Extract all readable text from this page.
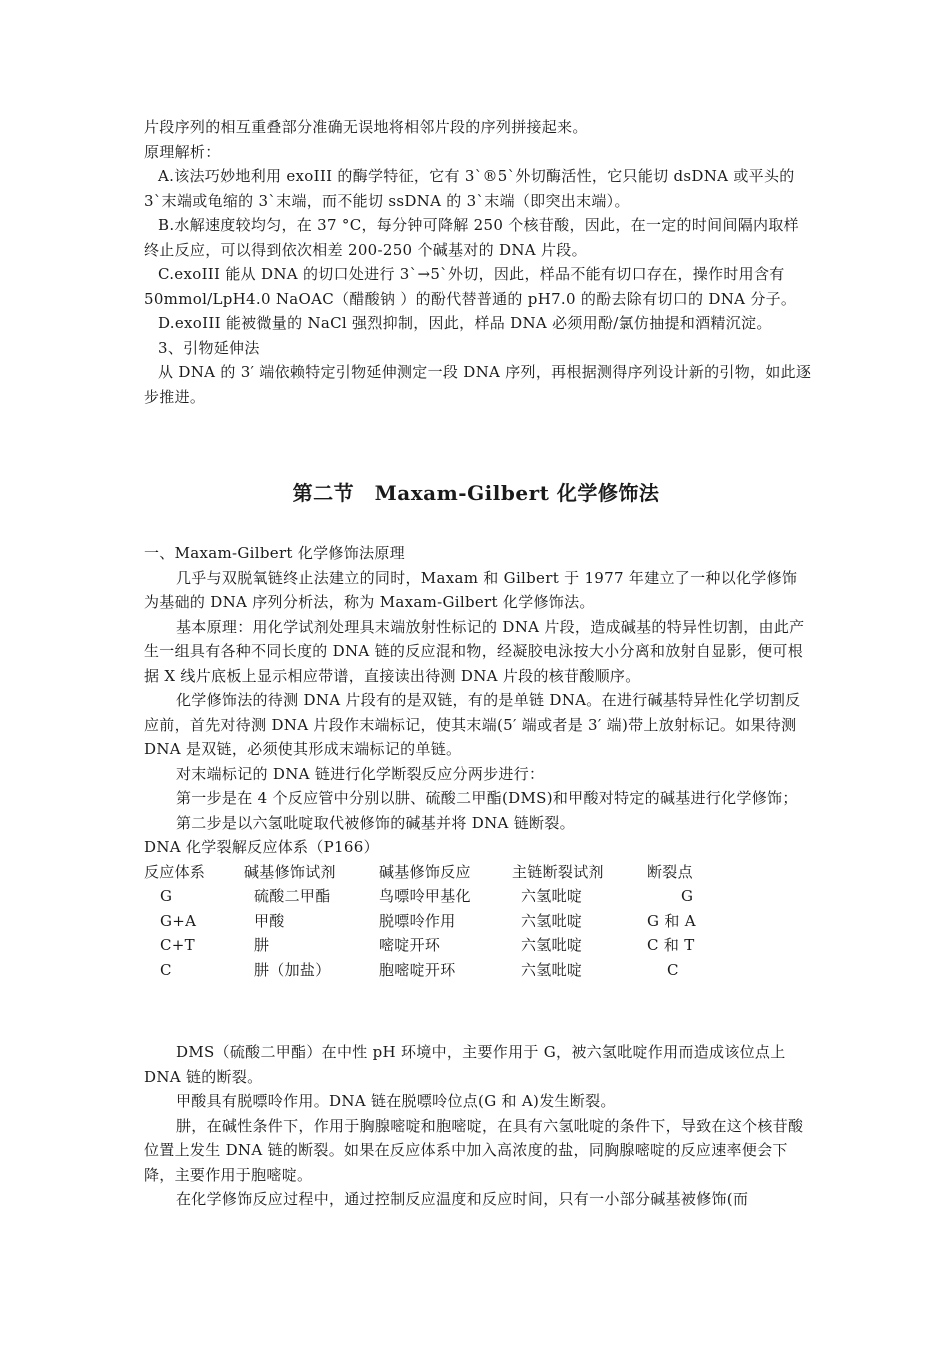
片段序列的相互重叠部分准确无误地将相邻片段的序列拼接起来。

原理解析：

A.该法巧妙地利用 exoIII 的酶学特征，它有 3`®5`外切酶活性，它只能切 dsDNA 或平头的 3`末端或龟缩的 3`末端，而不能切 ssDNA 的 3`末端（即突出末端）。

B.水解速度较均匀，在 37 °C，每分钟可降解 250 个核苷酸，因此，在一定的时间间隔内取样终止反应，可以得到依次相差 200-250 个碱基对的 DNA 片段。

C.exoIII 能从 DNA 的切口处进行 3`→5`外切，因此，样品不能有切口存在，操作时用含有 50mmol/LpH4.0 NaOAC（醋酸钠 ）的酚代替普通的 pH7.0 的酚去除有切口的 DNA 分子。

D.exoIII 能被微量的 NaCl 强烈抑制，因此，样品 DNA 必须用酚/氯仿抽提和酒精沉淀。

3、引物延伸法

从 DNA 的 3′ 端依赖特定引物延伸测定一段 DNA 序列，再根据测得序列设计新的引物，如此逐步推进。

第二节　Maxam-Gilbert 化学修饰法

一、Maxam-Gilbert 化学修饰法原理

几乎与双脱氧链终止法建立的同时，Maxam 和 Gilbert 于 1977 年建立了一种以化学修饰为基础的 DNA 序列分析法，称为 Maxam-Gilbert 化学修饰法。

基本原理：用化学试剂处理具末端放射性标记的 DNA 片段，造成碱基的特异性切割，由此产生一组具有各种不同长度的 DNA 链的反应混和物，经凝胶电泳按大小分离和放射自显影，便可根据 X 线片底板上显示相应带谱，直接读出待测 DNA 片段的核苷酸顺序。

化学修饰法的待测 DNA 片段有的是双链，有的是单链 DNA。在进行碱基特异性化学切割反应前，首先对待测 DNA 片段作末端标记，使其末端(5′ 端或者是 3′ 端)带上放射标记。如果待测 DNA 是双链，必须使其形成末端标记的单链。

对末端标记的 DNA 链进行化学断裂反应分两步进行：

第一步是在 4 个反应管中分别以肼、硫酸二甲酯(DMS)和甲酸对特定的碱基进行化学修饰；

第二步是以六氢吡啶取代被修饰的碱基并将 DNA 链断裂。

DNA 化学裂解反应体系（P166）

反应体系	碱基修饰试剂	碱基修饰反应	主链断裂试剂	断裂点
G	硫酸二甲酯	鸟嘌呤甲基化	六氢吡啶	G
G+A	甲酸	脱嘌呤作用	六氢吡啶	G 和 A
C+T	肼	嘧啶开环	六氢吡啶	C 和 T
C	肼（加盐）	胞嘧啶开环	六氢吡啶	C

DMS（硫酸二甲酯）在中性 pH 环境中，主要作用于 G，被六氢吡啶作用而造成该位点上 DNA 链的断裂。

甲酸具有脱嘌呤作用。DNA 链在脱嘌呤位点(G 和 A)发生断裂。

肼，在碱性条件下，作用于胸腺嘧啶和胞嘧啶，在具有六氢吡啶的条件下，导致在这个核苷酸位置上发生 DNA 链的断裂。如果在反应体系中加入高浓度的盐，同胸腺嘧啶的反应速率便会下降，主要作用于胞嘧啶。

在化学修饰反应过程中，通过控制反应温度和反应时间，只有一小部分碱基被修饰(而
